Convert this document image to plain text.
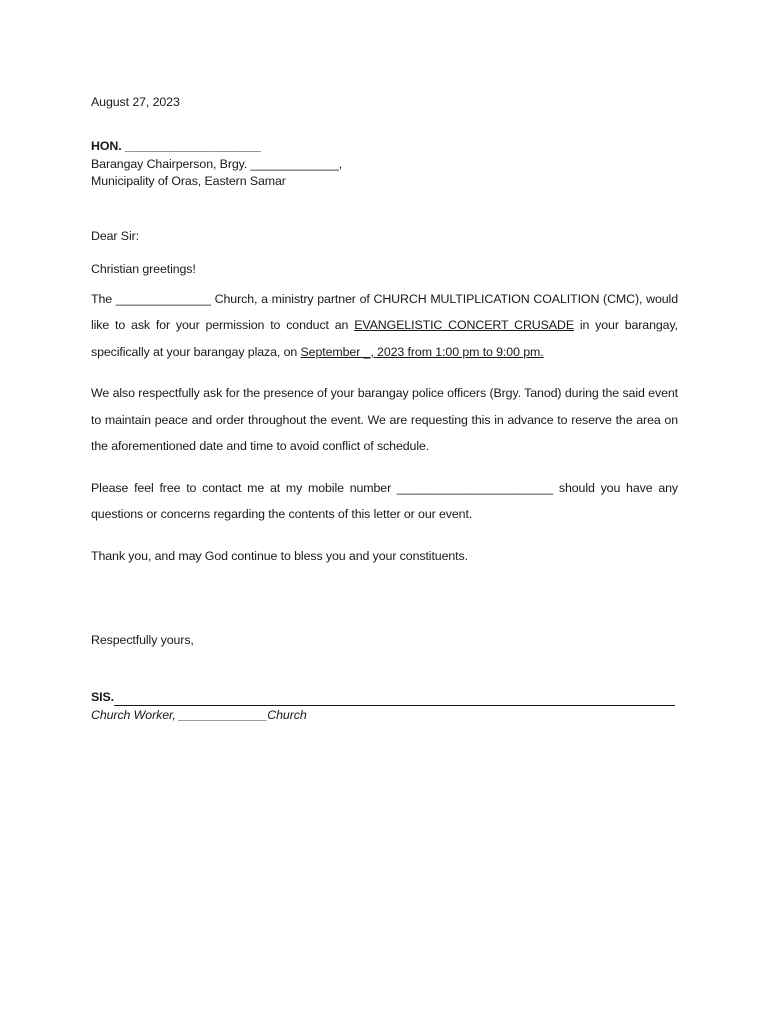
August 27, 2023

HON. ____________________
Barangay Chairperson, Brgy. _____________,
Municipality of Oras, Eastern Samar
Dear Sir:
Christian greetings!

The ______________ Church, a ministry partner of CHURCH MULTIPLICATION COALITION (CMC), would like to ask for your permission to conduct an EVANGELISTIC CONCERT CRUSADE in your barangay, specifically at your barangay plaza, on September _, 2023 from 1:00 pm to 9:00 pm.

We also respectfully ask for the presence of your barangay police officers (Brgy. Tanod) during the said event to maintain peace and order throughout the event. We are requesting this in advance to reserve the area on the aforementioned date and time to avoid conflict of schedule.

Please feel free to contact me at my mobile number _______________________ should you have any questions or concerns regarding the contents of this letter or our event.

Thank you, and may God continue to bless you and your constituents.

Respectfully yours,
SIS.
Church Worker, _____________Church
